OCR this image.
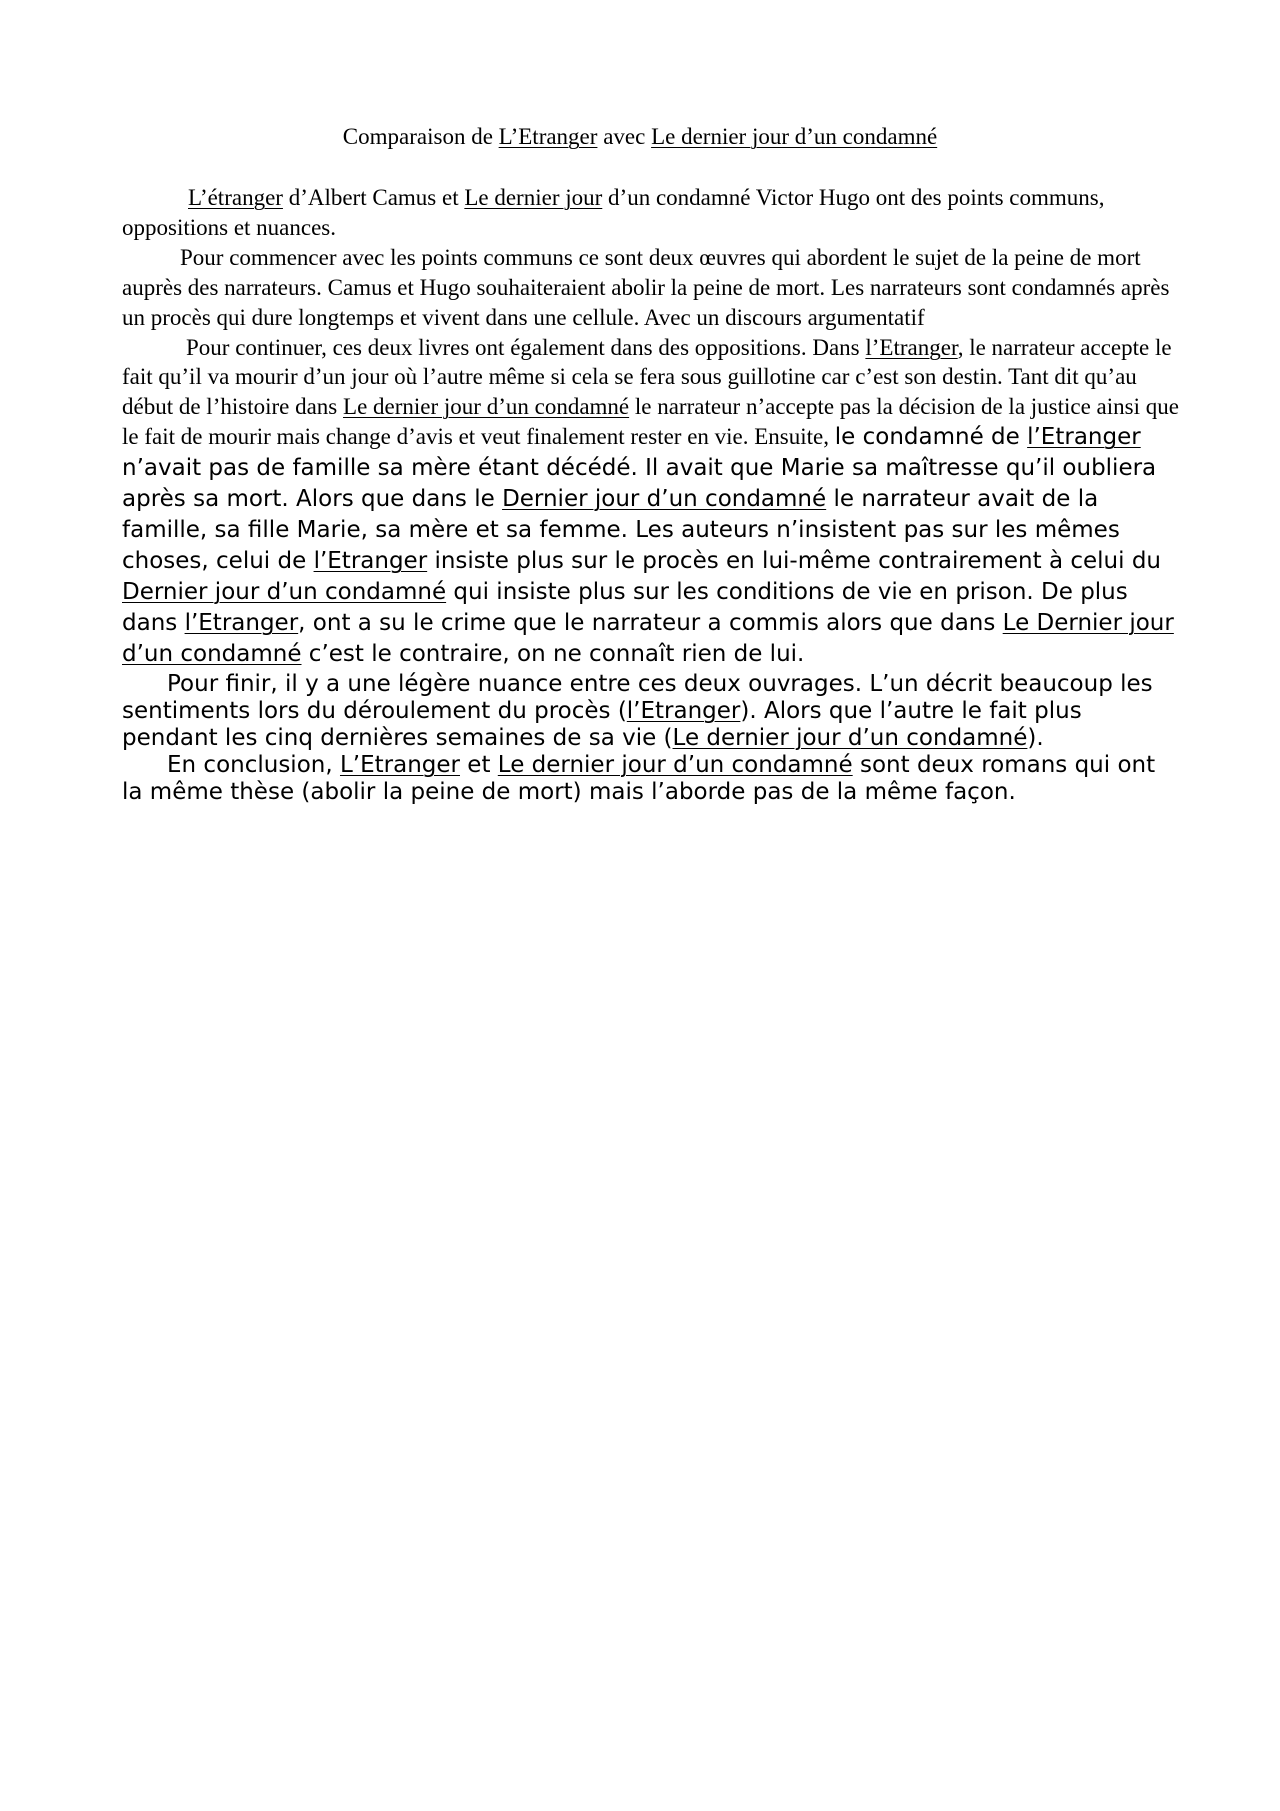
Comparaison de L’Etranger avec Le dernier jour d’un condamné

L’étranger d’Albert Camus et Le dernier jour d’un condamné Victor Hugo ont des points communs, oppositions et nuances.

Pour commencer avec les points communs ce sont deux œuvres qui abordent le sujet de la peine de mort auprès des narrateurs. Camus et Hugo souhaiteraient abolir la peine de mort. Les narrateurs sont condamnés après un procès qui dure longtemps et vivent dans une cellule. Avec un discours argumentatif

Pour continuer, ces deux livres ont également dans des oppositions. Dans l’Etranger, le narrateur accepte le fait qu’il va mourir d’un jour où l’autre même si cela se fera sous guillotine car c’est son destin. Tant dit qu’au début de l’histoire dans Le dernier jour d’un condamné le narrateur n’accepte pas la décision de la justice ainsi que le fait de mourir mais change d’avis et veut finalement rester en vie. Ensuite, le condamné de l’Etranger n’avait pas de famille sa mère étant décédé. Il avait que Marie sa maîtresse qu’il oubliera après sa mort. Alors que dans le Dernier jour d’un condamné le narrateur avait de la famille, sa fille Marie, sa mère et sa femme. Les auteurs n’insistent pas sur les mêmes choses, celui de l’Etranger insiste plus sur le procès en lui-même contrairement à celui du Dernier jour d’un condamné qui insiste plus sur les conditions de vie en prison. De plus dans l’Etranger, ont a su le crime que le narrateur a commis alors que dans Le Dernier jour d’un condamné c’est le contraire, on ne connaît rien de lui.

Pour finir, il y a une légère nuance entre ces deux ouvrages. L’un décrit beaucoup les sentiments lors du déroulement du procès (l’Etranger). Alors que l’autre le fait plus pendant les cinq dernières semaines de sa vie (Le dernier jour d’un condamné).

En conclusion, L’Etranger et Le dernier jour d’un condamné sont deux romans qui ont la même thèse (abolir la peine de mort) mais l’aborde pas de la même façon.
